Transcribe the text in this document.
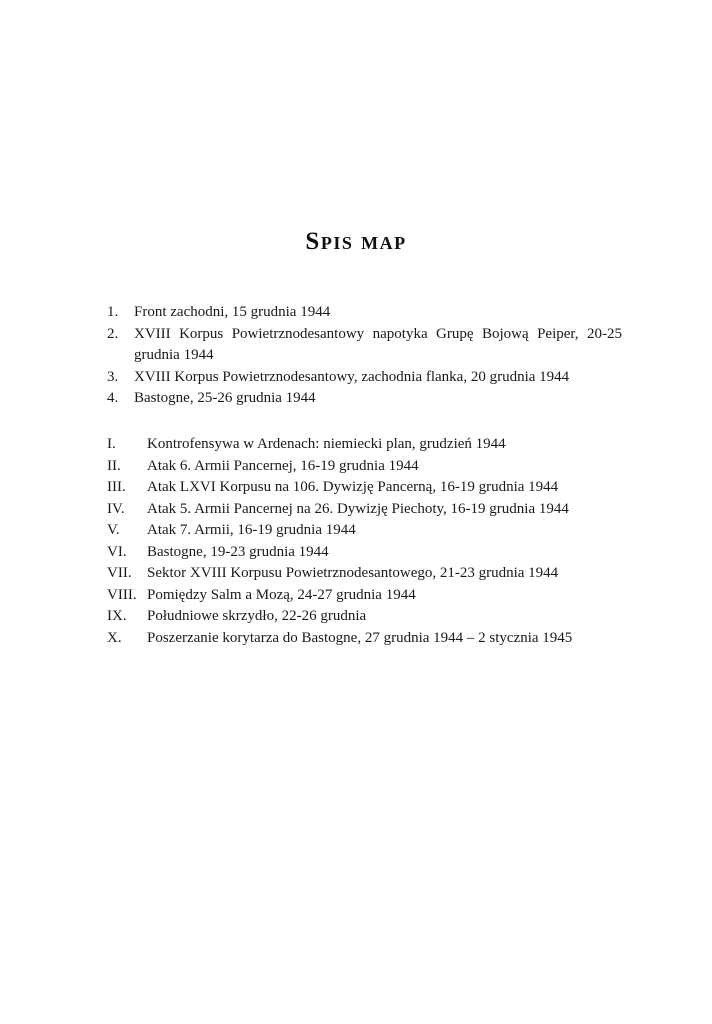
Spis map
1.	Front zachodni, 15 grudnia 1944
2.	XVIII Korpus Powietrznodesantowy napotyka Grupę Bojową Peiper, 20-25 grudnia 1944
3.	XVIII Korpus Powietrznodesantowy, zachodnia flanka, 20 grudnia 1944
4.	Bastogne, 25-26 grudnia 1944
I.	Kontrofensywa w Ardenach: niemiecki plan, grudzień 1944
II.	Atak 6. Armii Pancernej, 16-19 grudnia 1944
III.	Atak LXVI Korpusu na 106. Dywizję Pancerną, 16-19 grudnia 1944
IV.	Atak 5. Armii Pancernej na 26. Dywizję Piechoty, 16-19 grudnia 1944
V.	Atak 7. Armii, 16-19 grudnia 1944
VI.	Bastogne, 19-23 grudnia 1944
VII.	Sektor XVIII Korpusu Powietrznodesantowego, 21-23 grudnia 1944
VIII. Pomiędzy Salm a Mozą, 24-27 grudnia 1944
IX.	Południowe skrzydło, 22-26 grudnia
X.	Poszerzanie korytarza do Bastogne, 27 grudnia 1944 – 2 stycznia 1945
